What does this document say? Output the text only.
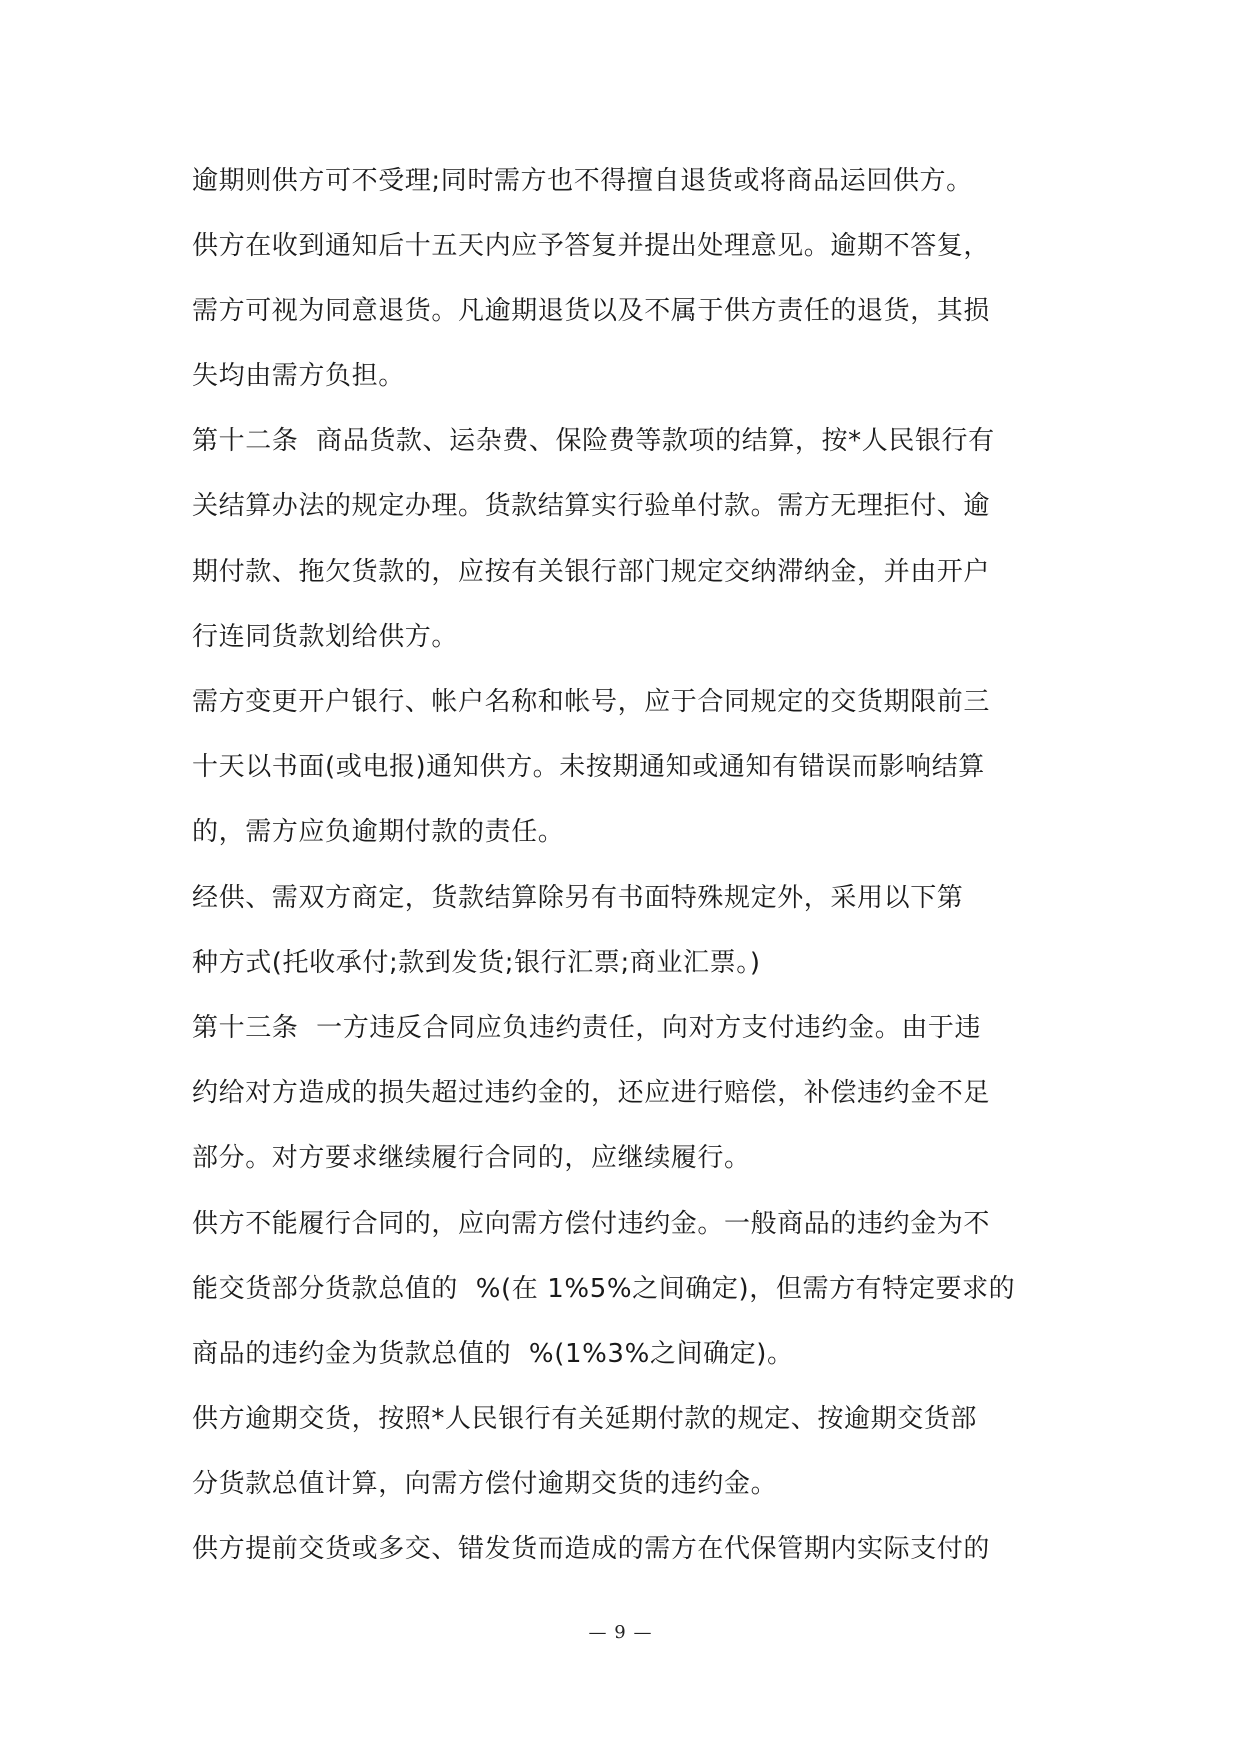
逾期则供方可不受理;同时需方也不得擅自退货或将商品运回供方。
供方在收到通知后十五天内应予答复并提出处理意见。逾期不答复，
需方可视为同意退货。凡逾期退货以及不属于供方责任的退货，其损
失均由需方负担。
第十二条  商品货款、运杂费、保险费等款项的结算，按*人民银行有
关结算办法的规定办理。货款结算实行验单付款。需方无理拒付、逾
期付款、拖欠货款的，应按有关银行部门规定交纳滞纳金，并由开户
行连同货款划给供方。
需方变更开户银行、帐户名称和帐号，应于合同规定的交货期限前三
十天以书面(或电报)通知供方。未按期通知或通知有错误而影响结算
的，需方应负逾期付款的责任。
经供、需双方商定，货款结算除另有书面特殊规定外，采用以下第
种方式(托收承付;款到发货;银行汇票;商业汇票。)
第十三条  一方违反合同应负违约责任，向对方支付违约金。由于违
约给对方造成的损失超过违约金的，还应进行赔偿，补偿违约金不足
部分。对方要求继续履行合同的，应继续履行。
供方不能履行合同的，应向需方偿付违约金。一般商品的违约金为不
能交货部分货款总值的  %(在 1%5%之间确定)，但需方有特定要求的
商品的违约金为货款总值的  %(1%3%之间确定)。
供方逾期交货，按照*人民银行有关延期付款的规定、按逾期交货部
分货款总值计算，向需方偿付逾期交货的违约金。
供方提前交货或多交、错发货而造成的需方在代保管期内实际支付的
— 9 —
